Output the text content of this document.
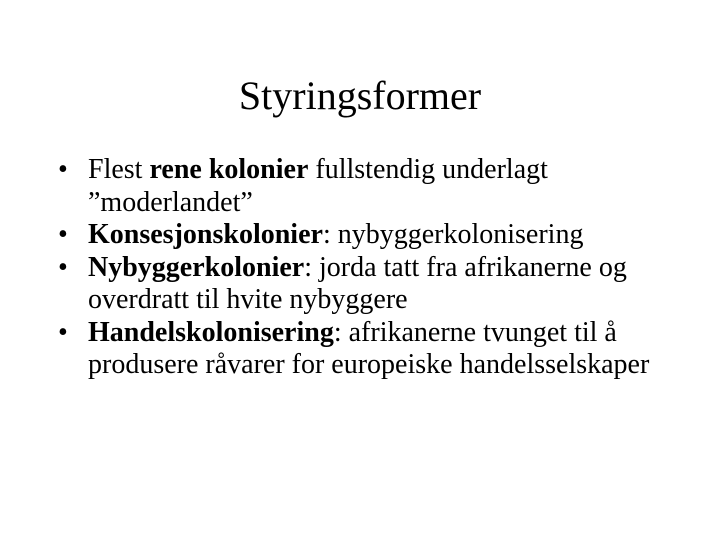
Styringsformer
• Flest rene kolonier fullstendig underlagt ”moderlandet”
• Konsesjonskolonier: nybyggerkolonisering
• Nybyggerkolonier: jorda tatt fra afrikanerne og overdratt til hvite nybyggere
• Handelskolonisering: afrikanerne tvunget til å produsere råvarer for europeiske handelsselskaper
